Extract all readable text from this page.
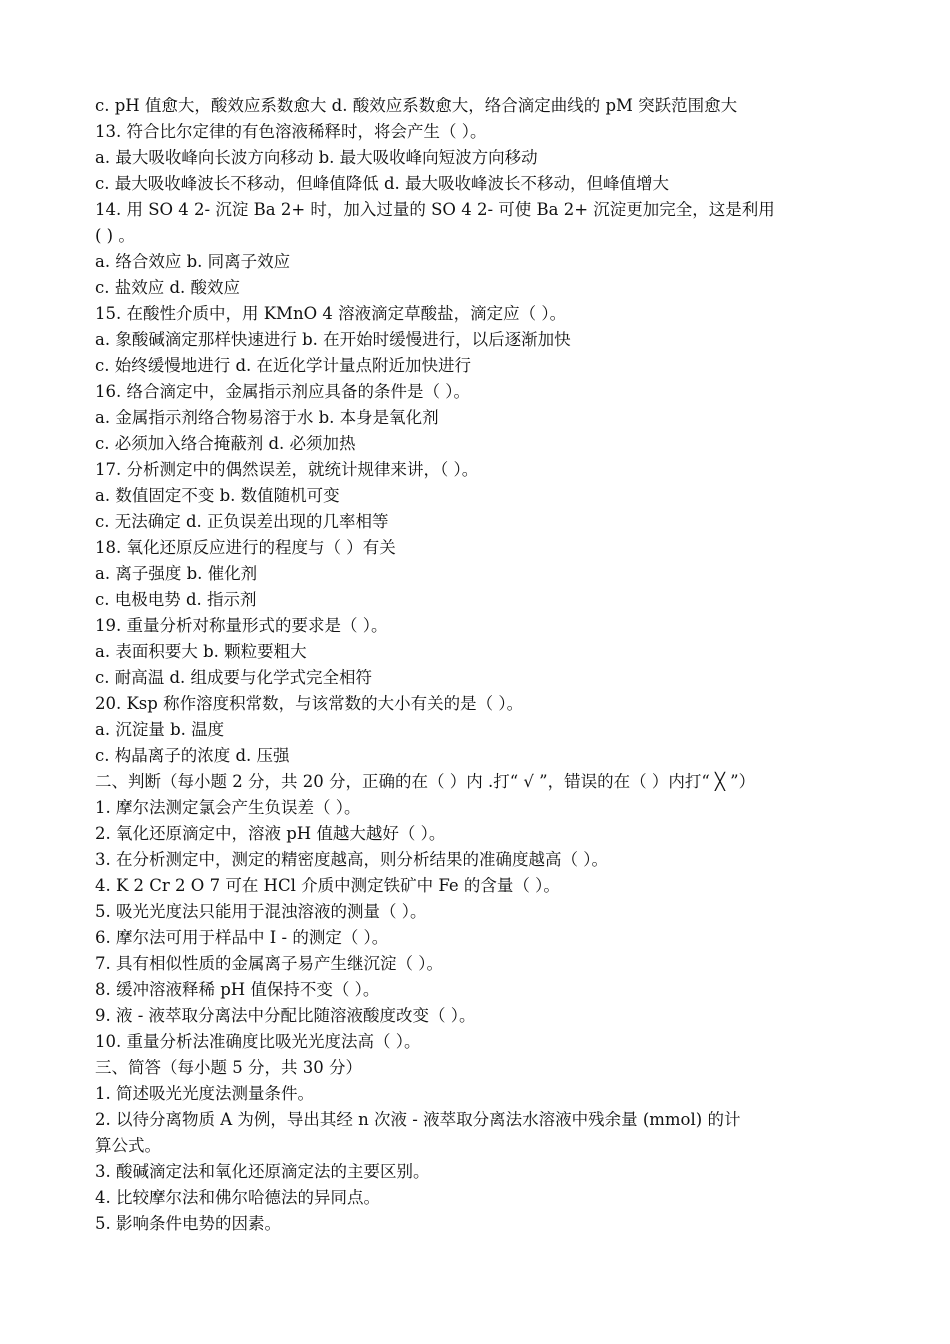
c. pH 值愈大，酸效应系数愈大 d. 酸效应系数愈大，络合滴定曲线的 pM 突跃范围愈大
13. 符合比尔定律的有色溶液稀释时，将会产生（ ）。
a. 最大吸收峰向长波方向移动 b. 最大吸收峰向短波方向移动
c. 最大吸收峰波长不移动，但峰值降低 d. 最大吸收峰波长不移动，但峰值增大
14. 用 SO 4 2- 沉淀 Ba 2+ 时，加入过量的 SO 4 2- 可使 Ba 2+ 沉淀更加完全，这是利用
( ) 。
a. 络合效应 b. 同离子效应
c. 盐效应 d. 酸效应
15. 在酸性介质中，用 KMnO 4 溶液滴定草酸盐，滴定应（ ）。
a. 象酸碱滴定那样快速进行 b. 在开始时缓慢进行，以后逐渐加快
c. 始终缓慢地进行 d. 在近化学计量点附近加快进行
16. 络合滴定中，金属指示剂应具备的条件是（ ）。
a. 金属指示剂络合物易溶于水 b. 本身是氧化剂
c. 必须加入络合掩蔽剂 d. 必须加热
17. 分析测定中的偶然误差，就统计规律来讲，（ ）。
a. 数值固定不变 b. 数值随机可变
c. 无法确定 d. 正负误差出现的几率相等
18. 氧化还原反应进行的程度与（ ）有关
a. 离子强度 b. 催化剂
c. 电极电势 d. 指示剂
19. 重量分析对称量形式的要求是（ ）。
a. 表面积要大 b. 颗粒要粗大
c. 耐高温 d. 组成要与化学式完全相符
20. Ksp 称作溶度积常数，与该常数的大小有关的是（ ）。
a. 沉淀量 b. 温度
c. 构晶离子的浓度 d. 压强
二、判断（每小题 2 分，共 20 分，正确的在（ ）内 .打“ √ ”，错误的在（ ）内打“ ╳ ”）
1. 摩尔法测定氯会产生负误差（ ）。
2. 氧化还原滴定中，溶液 pH 值越大越好（ ）。
3. 在分析测定中，测定的精密度越高，则分析结果的准确度越高（ ）。
4. K 2 Cr 2 O 7 可在 HCl 介质中测定铁矿中 Fe 的含量（ ）。
5. 吸光光度法只能用于混浊溶液的测量（ ）。
6. 摩尔法可用于样品中 I - 的测定（ ）。
7. 具有相似性质的金属离子易产生继沉淀（ ）。
8. 缓冲溶液释稀 pH 值保持不变（ ）。
9. 液 - 液萃取分离法中分配比随溶液酸度改变（ ）。
10. 重量分析法准确度比吸光光度法高（ ）。
三、简答（每小题 5 分，共 30 分）
1. 简述吸光光度法测量条件。
2. 以待分离物质 A 为例，导出其经 n 次液 - 液萃取分离法水溶液中残余量 (mmol) 的计
算公式。
3. 酸碱滴定法和氧化还原滴定法的主要区别。
4. 比较摩尔法和佛尔哈德法的异同点。
5. 影响条件电势的因素。
